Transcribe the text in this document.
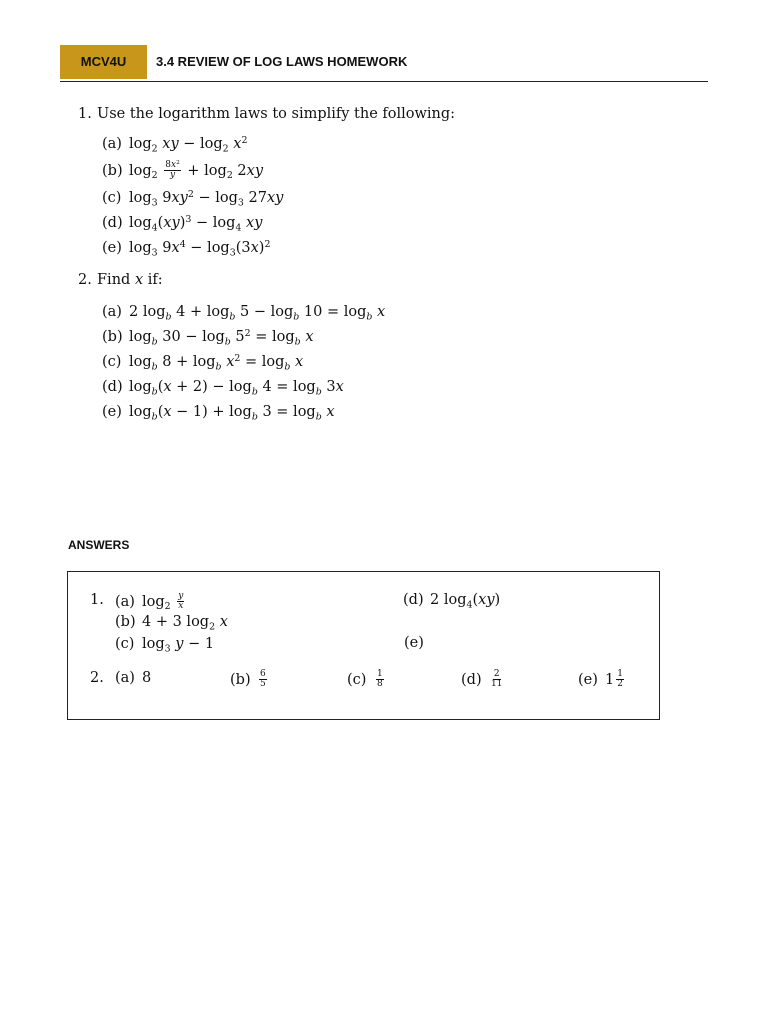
MCV4U	3.4 REVIEW OF LOG LAWS HOMEWORK
1. Use the logarithm laws to simplify the following:
(a) $\log_2$ xy − $\log_2 x^2$
(b) $\log_2 \frac{8x^2}{y} + \log_2 2xy$
(c) $\log_3 9xy^2 - \log_3 27xy$
(d) $\log_4(xy)^3 - \log_4$ xy
(e) $\log_3 9x^4 - \log_3(3x)^2$
2. Find x if:
(a) 2 $\log_b 4 + \log_b 5 - \log_b 10 = \log_b x$
(b) $\log_b 30 - \log_b 5^2 = \log_b x$
(c) $\log_b 8 + \log_b x^2 = \log_b x$
(d) $\log_b(x + 2) - \log_b 4 = \log_b 3x$
(e) $\log_b(x - 1) + \log_b 3 = \log_b x$
ANSWERS
1. (a) $\log_2 \frac{y}{x}$
(b) 4 + 3 $\log_2 x$
(c) $\log_3 y - 1$
(d) 2 $\log_4(xy)$
(e)
2. (a) 8	$(b) \frac{6}{5}$	$(c) \frac{1}{8}$	$(d) \frac{2}{11}$	(e) $1 \frac{1}{2}$
